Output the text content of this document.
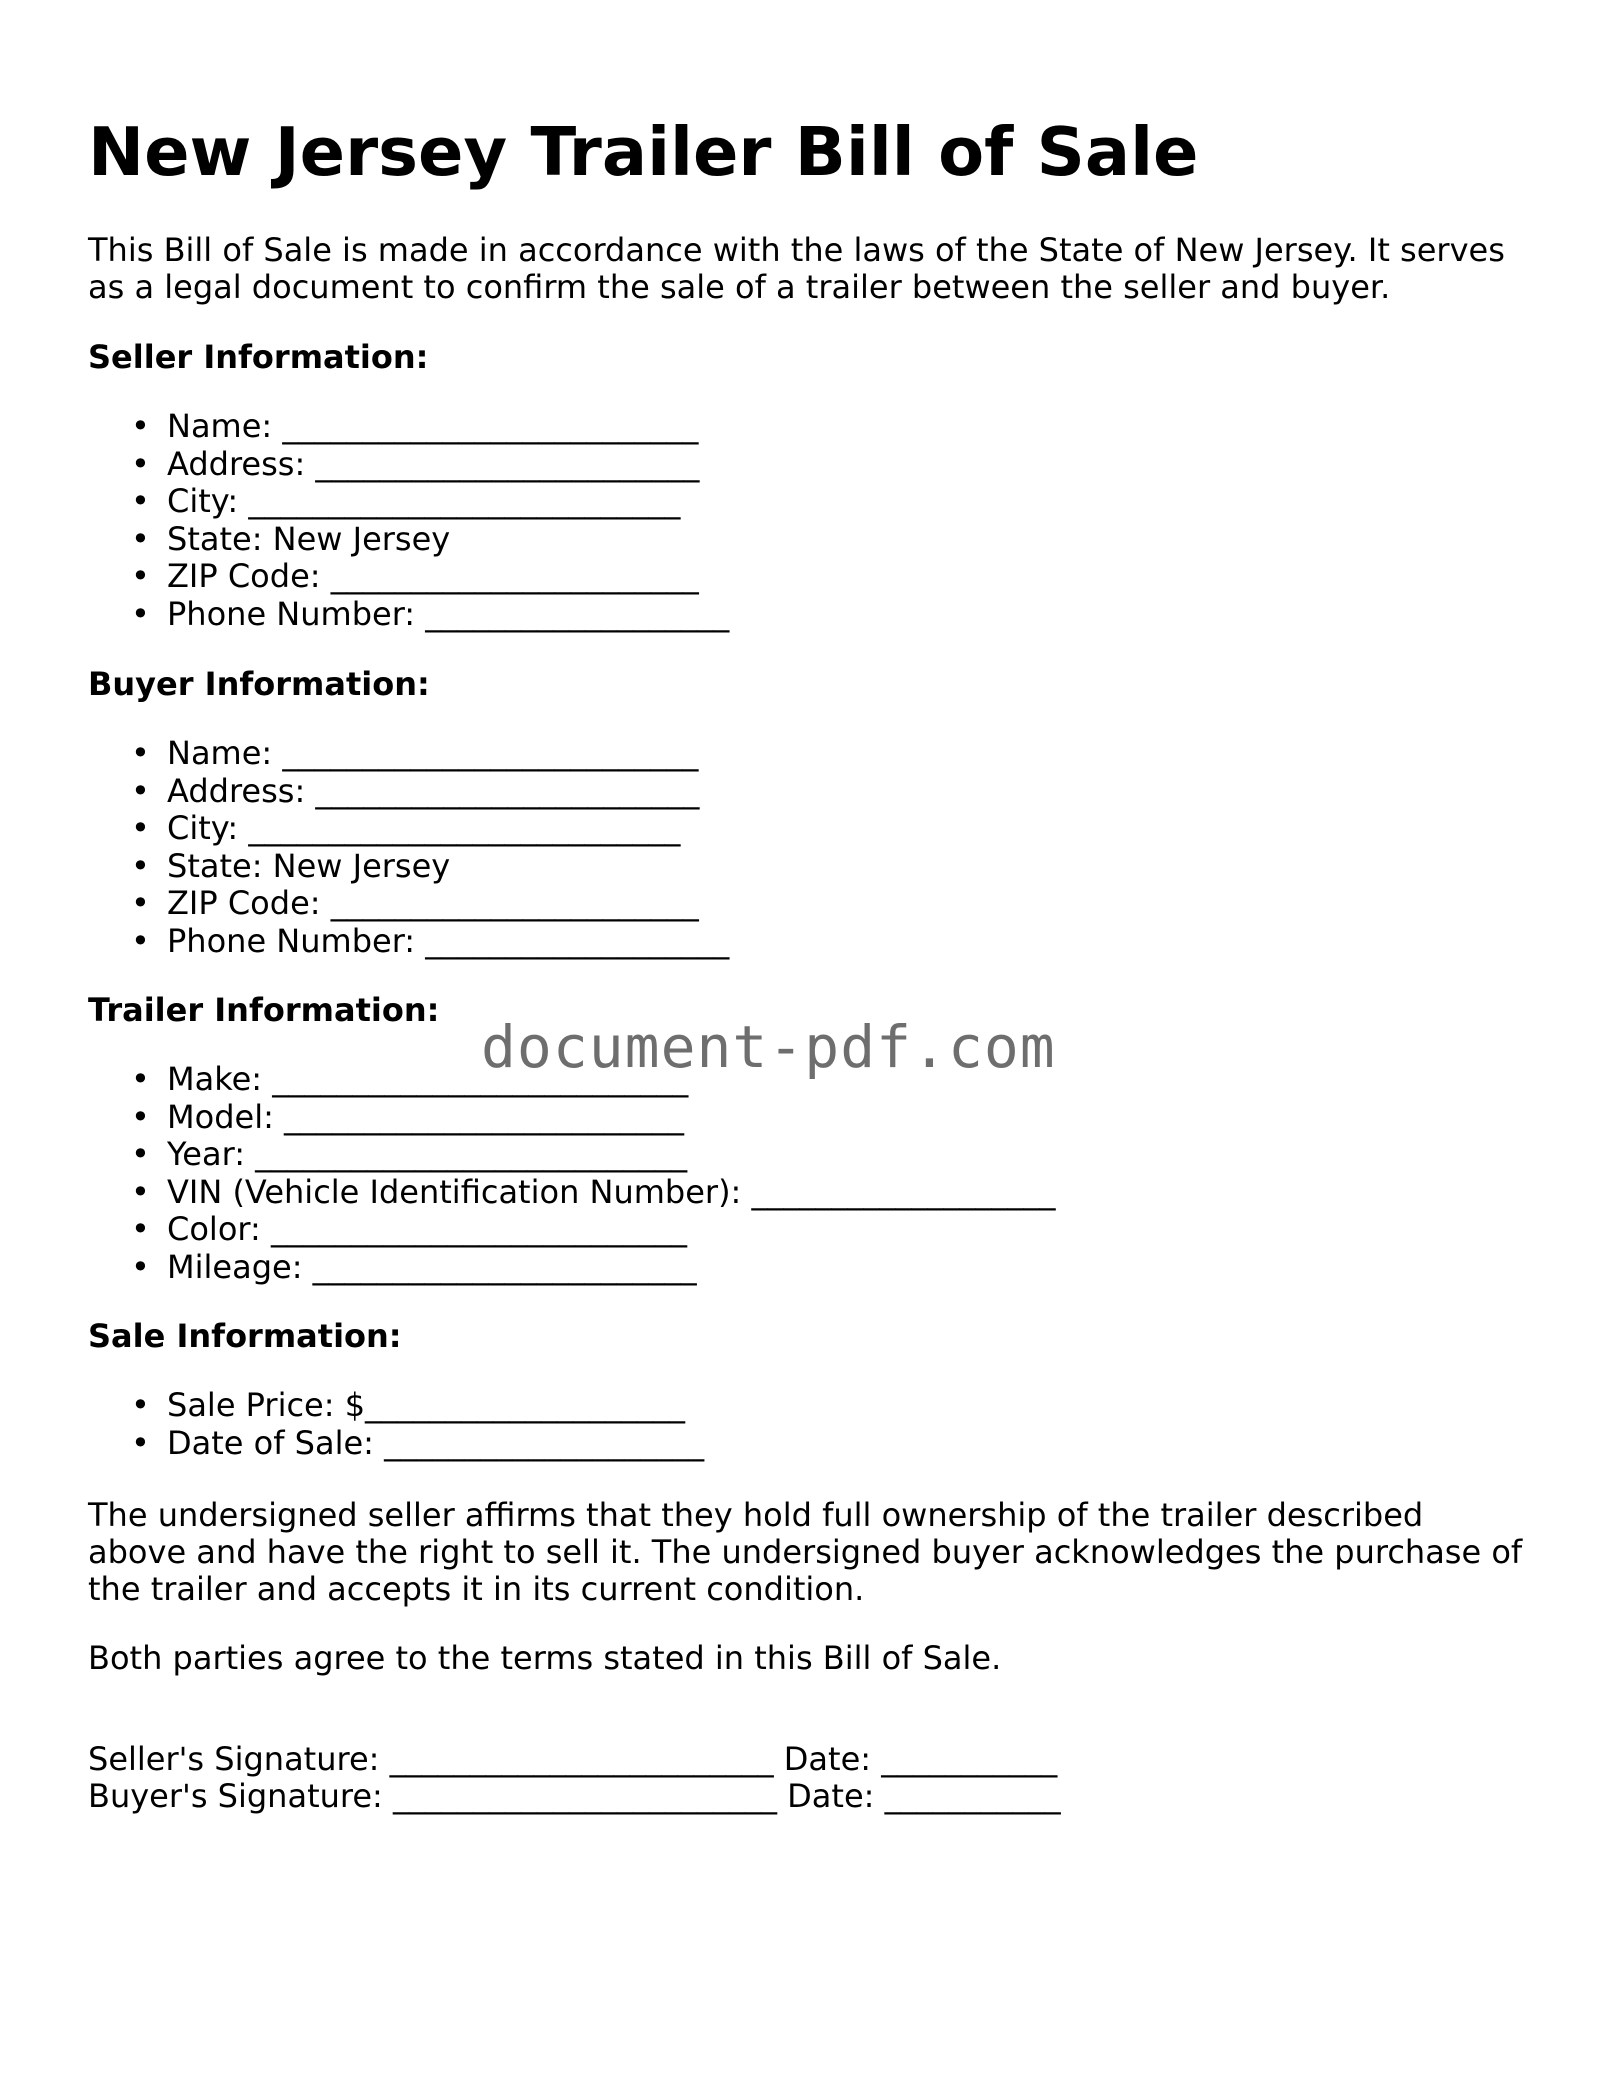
New Jersey Trailer Bill of Sale

This Bill of Sale is made in accordance with the laws of the State of New Jersey. It serves as a legal document to confirm the sale of a trailer between the seller and buyer.

Seller Information:

• Name: __________________________
• Address: ________________________
• City: ___________________________
• State: New Jersey
• ZIP Code: _______________________
• Phone Number: ___________________

Buyer Information:

• Name: __________________________
• Address: ________________________
• City: ___________________________
• State: New Jersey
• ZIP Code: _______________________
• Phone Number: ___________________

Trailer Information:

• Make: __________________________
• Model: _________________________
• Year: ___________________________
• VIN (Vehicle Identification Number): ___________________
• Color: __________________________
• Mileage: ________________________

Sale Information:

• Sale Price: $____________________
• Date of Sale: ____________________

The undersigned seller affirms that they hold full ownership of the trailer described above and have the right to sell it. The undersigned buyer acknowledges the purchase of the trailer and accepts it in its current condition.

Both parties agree to the terms stated in this Bill of Sale.

Seller's Signature: ________________________ Date: ___________

Buyer's Signature: ________________________ Date: ___________

document-pdf.com
